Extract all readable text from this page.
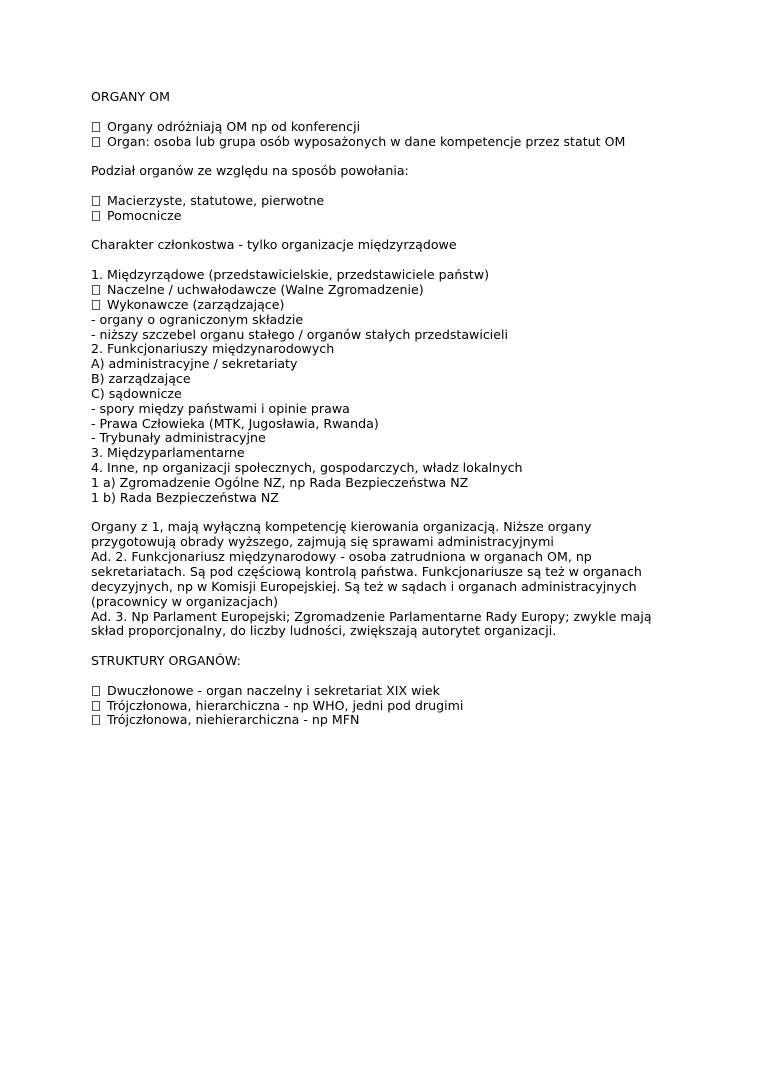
ORGANY OM
Organy odróżniają OM np od konferencji
Organ: osoba lub grupa osób wyposażonych w dane kompetencje przez statut OM
Podział organów ze względu na sposób powołania:
Macierzyste, statutowe, pierwotne
Pomocnicze
Charakter członkostwa - tylko organizacje międzyrządowe
1. Międzyrządowe (przedstawicielskie, przedstawiciele państw)
Naczelne / uchwałodawcze (Walne Zgromadzenie)
Wykonawcze (zarządzające)
- organy o ograniczonym składzie
- niższy szczebel organu stałego / organów stałych przedstawicieli
2. Funkcjonariuszy międzynarodowych
A) administracyjne / sekretariaty
B) zarządzające
C) sądownicze
- spory między państwami i opinie prawa
- Prawa Człowieka (MTK, Jugosławia, Rwanda)
- Trybunały administracyjne
3. Międzyparlamentarne
4. Inne, np organizacji społecznych, gospodarczych, władz lokalnych
1 a) Zgromadzenie Ogólne NZ, np Rada Bezpieczeństwa NZ
1 b) Rada Bezpieczeństwa NZ
Organy z 1, mają wyłączną kompetencję kierowania organizacją. Niższe organy
przygotowują obrady wyższego, zajmują się sprawami administracyjnymi
Ad. 2. Funkcjonariusz międzynarodowy - osoba zatrudniona w organach OM, np
sekretariatach. Są pod częściową kontrolą państwa. Funkcjonariusze są też w organach
decyzyjnych, np w Komisji Europejskiej. Są też w sądach i organach administracyjnych
(pracownicy w organizacjach)
Ad. 3. Np Parlament Europejski; Zgromadzenie Parlamentarne Rady Europy; zwykle mają
skład proporcjonalny, do liczby ludności, zwiększają autorytet organizacji.
STRUKTURY ORGANÓW:
Dwuczłonowe - organ naczelny i sekretariat XIX wiek
Trójczłonowa, hierarchiczna - np WHO, jedni pod drugimi
Trójczłonowa, niehierarchiczna - np MFN
